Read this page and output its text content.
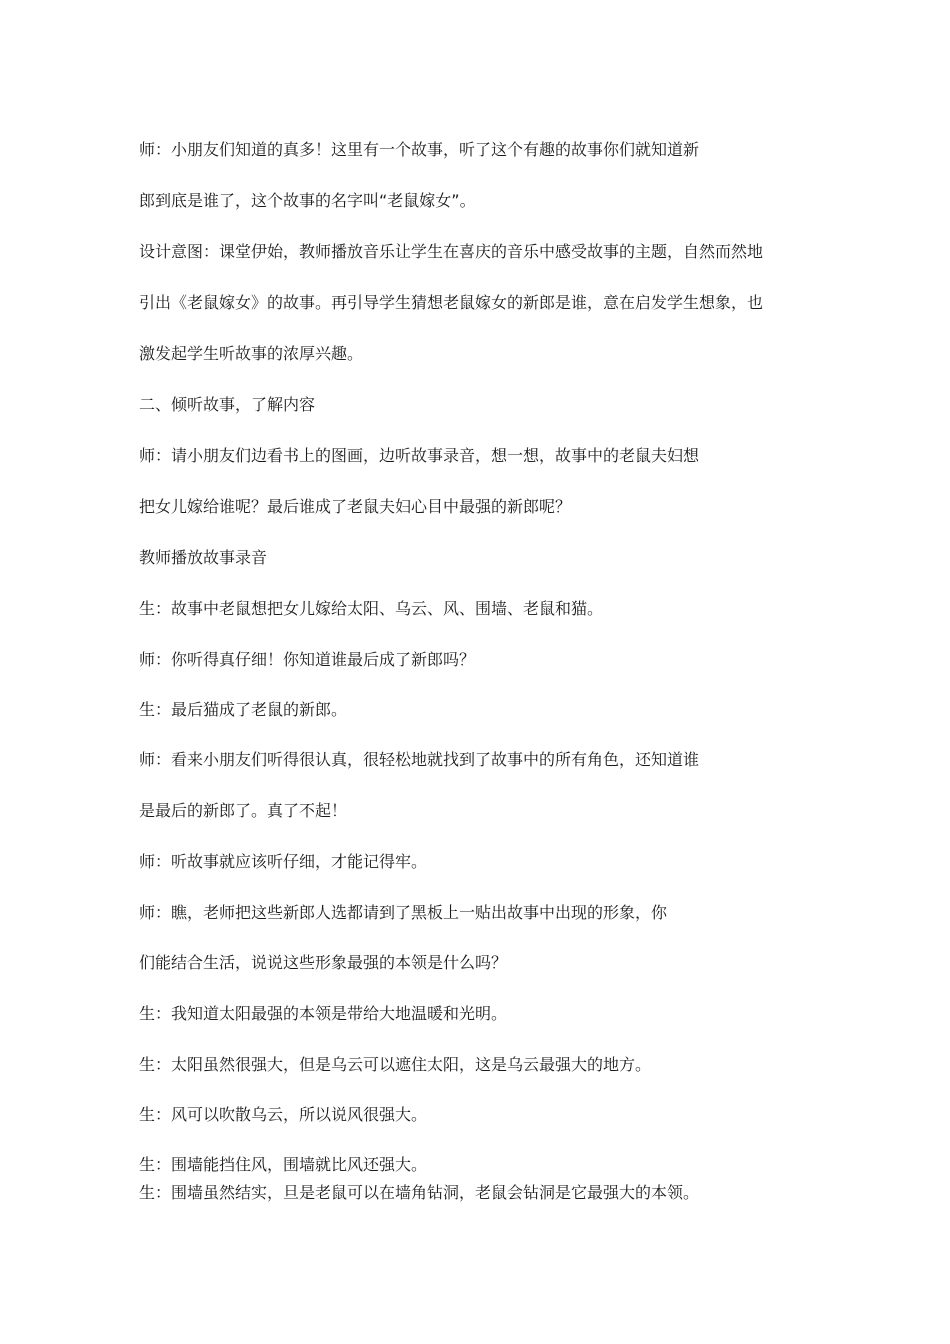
师：小朋友们知道的真多！这里有一个故事，听了这个有趣的故事你们就知道新
郎到底是谁了，这个故事的名字叫“老鼠嫁女”。
设计意图：课堂伊始，教师播放音乐让学生在喜庆的音乐中感受故事的主题，自然而然地
引出《老鼠嫁女》的故事。再引导学生猜想老鼠嫁女的新郎是谁，意在启发学生想象，也
激发起学生听故事的浓厚兴趣。
二、倾听故事，了解内容
师：请小朋友们边看书上的图画，边听故事录音，想一想，故事中的老鼠夫妇想
把女儿嫁给谁呢？最后谁成了老鼠夫妇心目中最强的新郎呢？
教师播放故事录音
生：故事中老鼠想把女儿嫁给太阳、乌云、风、围墙、老鼠和猫。
师：你听得真仔细！你知道谁最后成了新郎吗？
生：最后猫成了老鼠的新郎。
师：看来小朋友们听得很认真，很轻松地就找到了故事中的所有角色，还知道谁
是最后的新郎了。真了不起！
师：听故事就应该听仔细，才能记得牢。
师：瞧，老师把这些新郎人选都请到了黑板上一贴出故事中出现的形象，你
们能结合生活，说说这些形象最强的本领是什么吗？
生：我知道太阳最强的本领是带给大地温暖和光明。
生：太阳虽然很强大，但是乌云可以遮住太阳，这是乌云最强大的地方。
生：风可以吹散乌云，所以说风很强大。
生：围墙能挡住风，围墙就比风还强大。
生：围墙虽然结实，旦是老鼠可以在墙角钻洞，老鼠会钻洞是它最强大的本领。
